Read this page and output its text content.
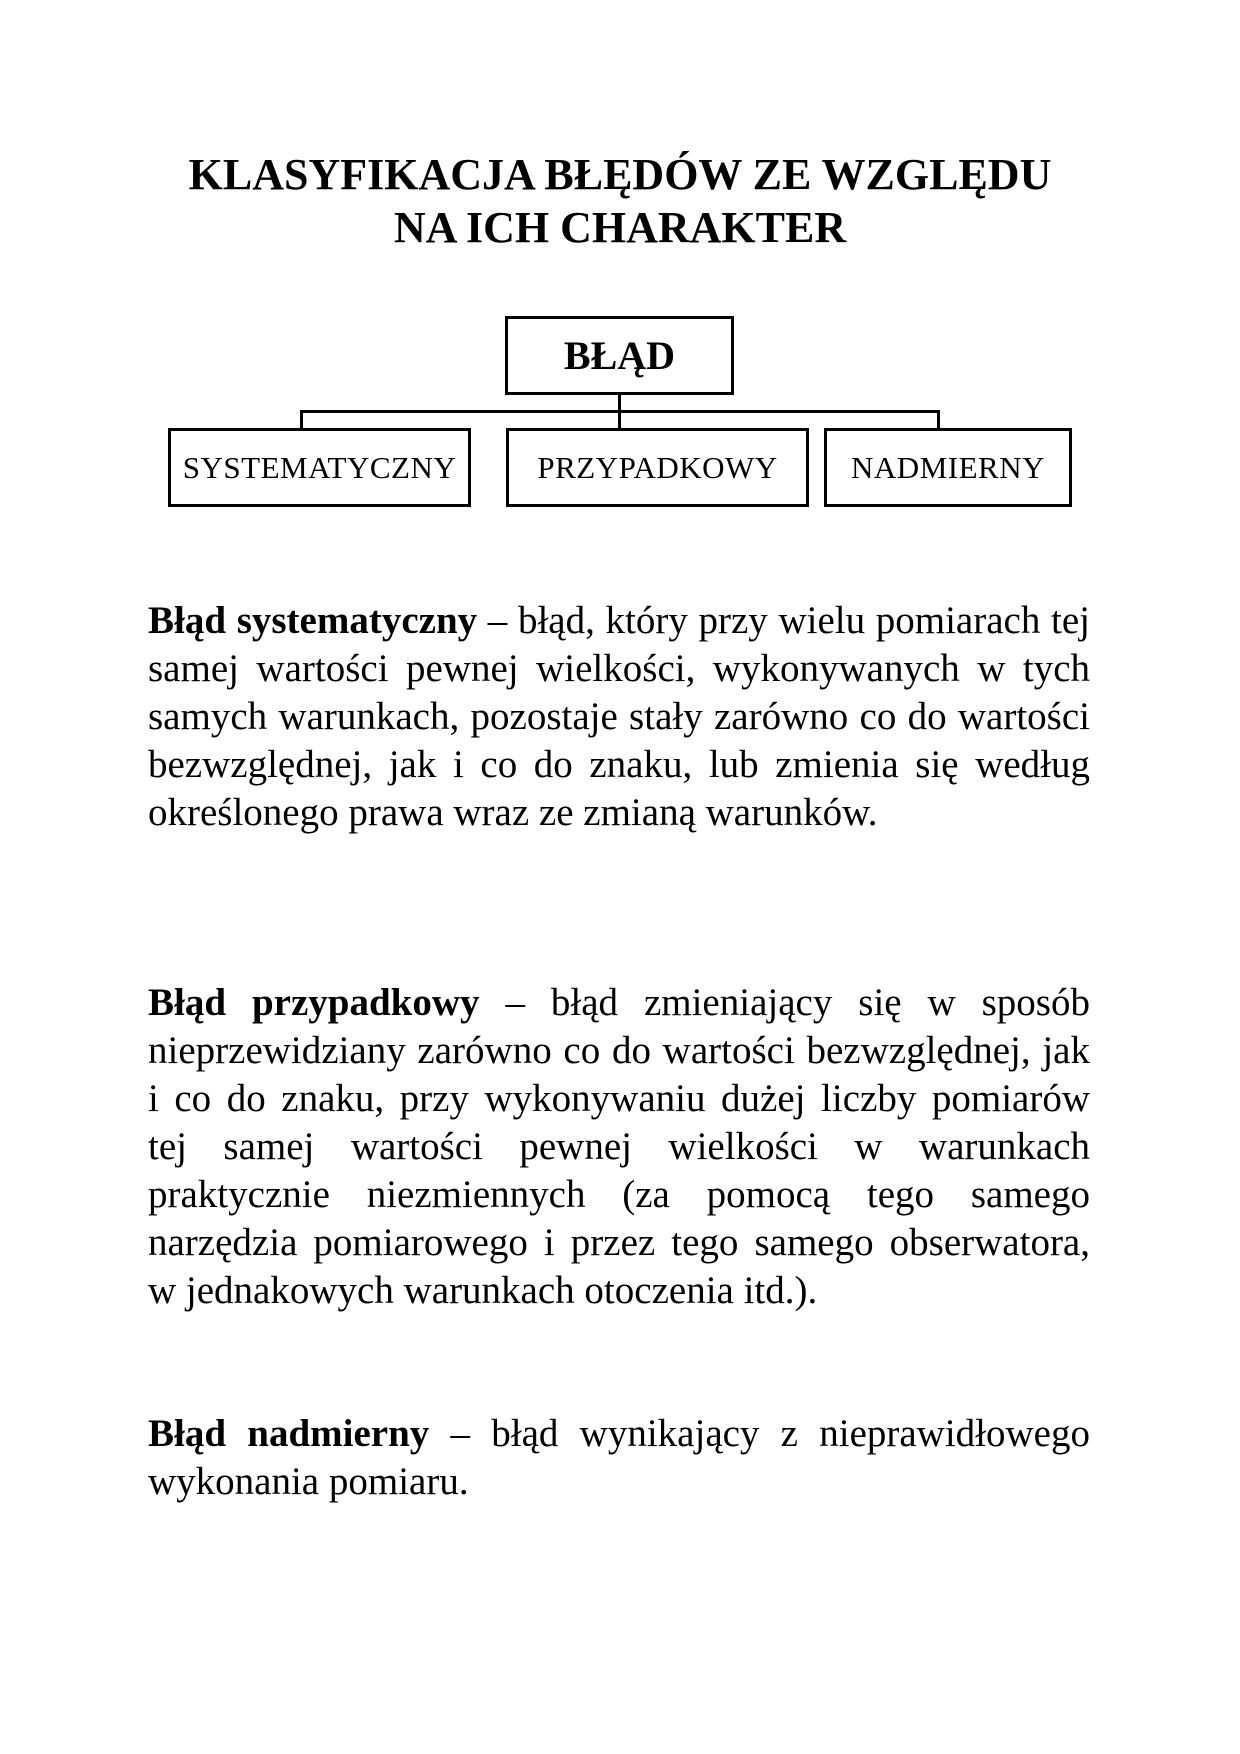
KLASYFIKACJA BŁĘDÓW ZE WZGLĘDU
NA ICH CHARAKTER
BŁĄD
SYSTEMATYCZNY	PRZYPADKOWY	NADMIERNY

Błąd systematyczny – błąd, który przy wielu pomiarach tej samej wartości pewnej wielkości, wykonywanych w tych samych warunkach, pozostaje stały zarówno co do wartości bezwzględnej, jak i co do znaku, lub zmienia się według określonego prawa wraz ze zmianą warunków.

Błąd przypadkowy – błąd zmieniający się w sposób nieprzewidziany zarówno co do wartości bezwzględnej, jak i co do znaku, przy wykonywaniu dużej liczby pomiarów tej samej wartości pewnej wielkości w warunkach praktycznie niezmiennych (za pomocą tego samego narzędzia pomiarowego i przez tego samego obserwatora, w jednakowych warunkach otoczenia itd.).

Błąd nadmierny – błąd wynikający z nieprawidłowego wykonania pomiaru.
